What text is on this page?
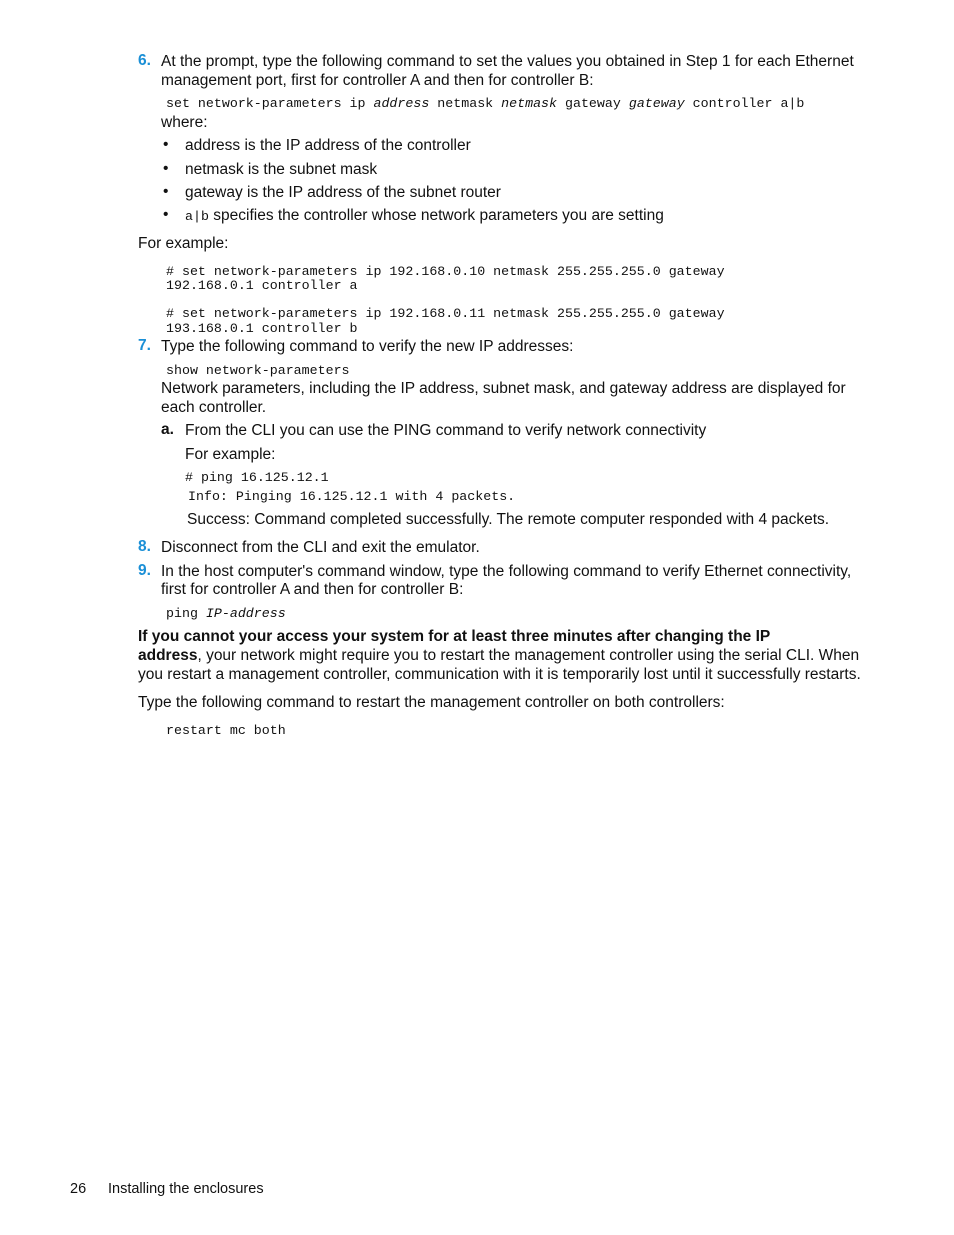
6. At the prompt, type the following command to set the values you obtained in Step 1 for each Ethernet
management port, first for controller A and then for controller B:
set network-parameters ip address netmask netmask gateway gateway controller a|b
where:
• address is the IP address of the controller
• netmask is the subnet mask
• gateway is the IP address of the subnet router
• a|b specifies the controller whose network parameters you are setting
For example:
# set network-parameters ip 192.168.0.10 netmask 255.255.255.0 gateway
192.168.0.1 controller a
# set network-parameters ip 192.168.0.11 netmask 255.255.255.0 gateway
193.168.0.1 controller b
7. Type the following command to verify the new IP addresses:
show network-parameters
Network parameters, including the IP address, subnet mask, and gateway address are displayed for
each controller.
a. From the CLI you can use the PING command to verify network connectivity
For example:
# ping 16.125.12.1
Info: Pinging 16.125.12.1 with 4 packets.
Success: Command completed successfully. The remote computer responded with 4 packets.
8. Disconnect from the CLI and exit the emulator.
9. In the host computer's command window, type the following command to verify Ethernet connectivity,
first for controller A and then for controller B:
ping IP-address
If you cannot your access your system for at least three minutes after changing the IP
address, your network might require you to restart the management controller using the serial CLI. When
you restart a management controller, communication with it is temporarily lost until it successfully restarts.
Type the following command to restart the management controller on both controllers:
restart mc both
26 Installing the enclosures
